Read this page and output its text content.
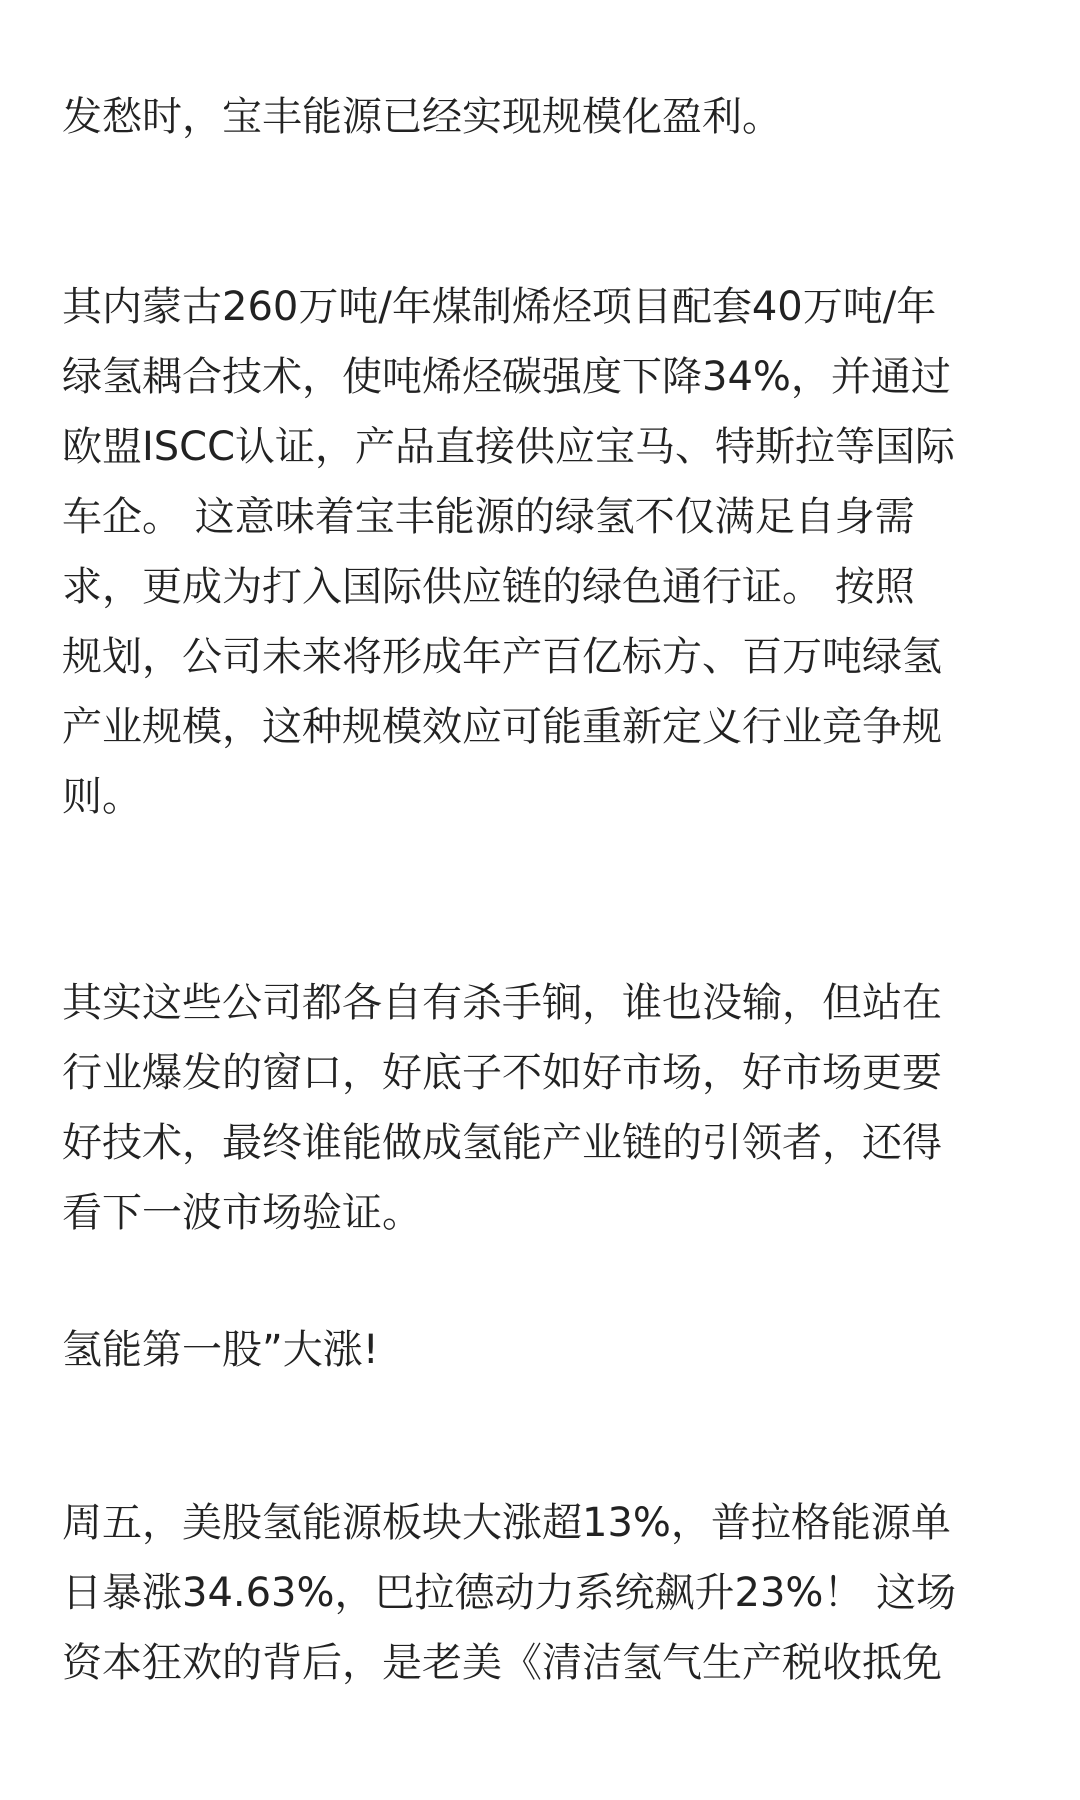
发愁时，宝丰能源已经实现规模化盈利。

其内蒙古260万吨/年煤制烯烃项目配套40万吨/年
绿氢耦合技术，使吨烯烃碳强度下降34%，并通过
欧盟ISCC认证，产品直接供应宝马、特斯拉等国际
车企。 这意味着宝丰能源的绿氢不仅满足自身需
求，更成为打入国际供应链的绿色通行证。 按照
规划，公司未来将形成年产百亿标方、百万吨绿氢
产业规模，这种规模效应可能重新定义行业竞争规
则。

其实这些公司都各自有杀手锏，谁也没输，但站在
行业爆发的窗口，好底子不如好市场，好市场更要
好技术，最终谁能做成氢能产业链的引领者，还得
看下一波市场验证。

氢能第一股”大涨!

周五，美股氢能源板块大涨超13%，普拉格能源单
日暴涨34.63%，巴拉德动力系统飙升23%！ 这场
资本狂欢的背后，是老美《清洁氢气生产税收抵免
